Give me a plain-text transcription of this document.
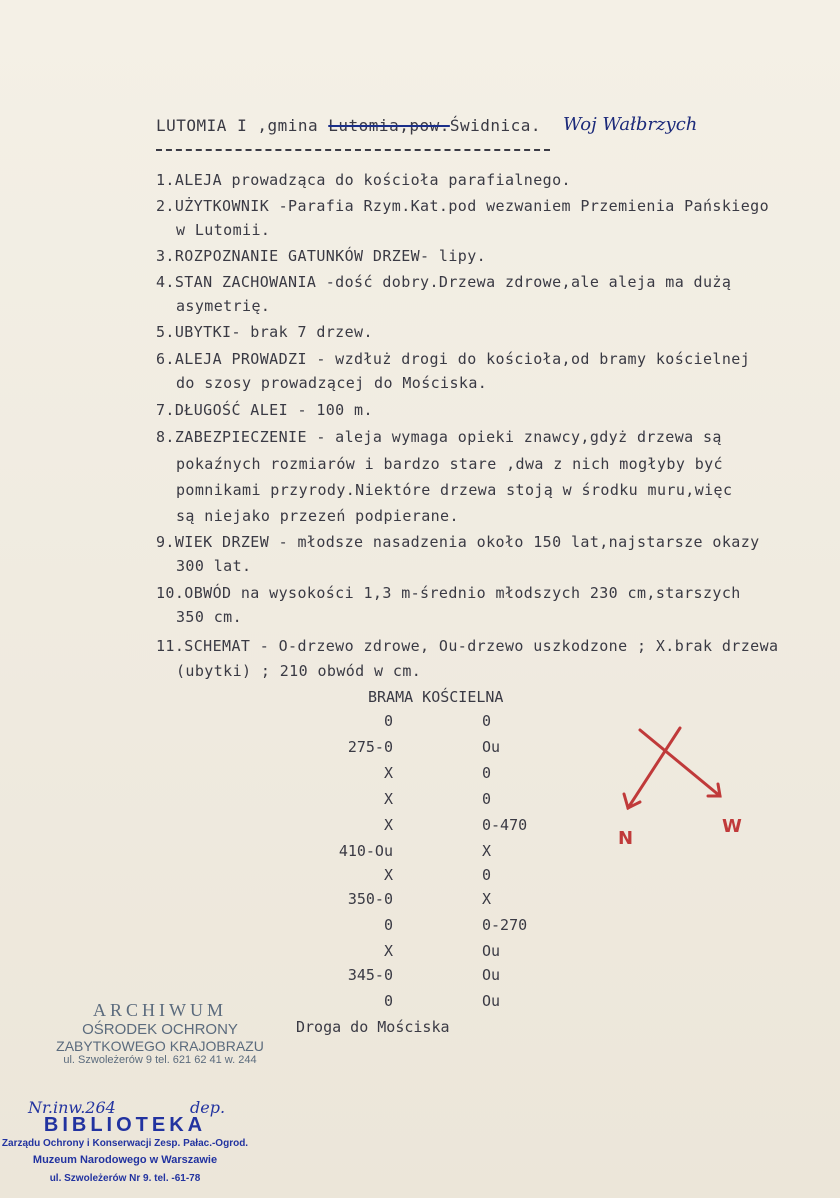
LUTOMIA I ,gmina Lutomia,pow.Świdnica. Woj Wałbrzych
1.ALEJA prowadząca do kościoła parafialnego.
2.UŻYTKOWNIK -Parafia Rzym.Kat.pod wezwaniem Przemienia Pańskiego
w Lutomii.
3.ROZPOZNANIE GATUNKÓW DRZEW- lipy.
4.STAN ZACHOWANIA -dość dobry.Drzewa zdrowe,ale aleja ma dużą
asymetrię.
5.UBYTKI- brak 7 drzew.
6.ALEJA PROWADZI - wzdłuż drogi do kościoła,od bramy kościelnej
do szosy prowadzącej do Mościska.
7.DŁUGOŚĆ ALEI - 100 m.
8.ZABEZPIECZENIE - aleja wymaga opieki znawcy,gdyż drzewa są
pokaźnych rozmiarów i bardzo stare ,dwa z nich mogłyby być
pomnikami przyrody.Niektóre drzewa stoją w środku muru,więc
są niejako przezeń podpierane.
9.WIEK DRZEW - młodsze nasadzenia około 150 lat,najstarsze okazy
300 lat.
10.OBWÓD na wysokości 1,3 m-średnio młodszych 230 cm,starszych
350 cm.
11.SCHEMAT - O-drzewo zdrowe, Ou-drzewo uszkodzone ; X.brak drzewa
(ubytki) ; 210 obwód w cm.
BRAMA KOŚCIELNA
0	0
275-0	Ou
X	0
X	0
X	0-470
410-Ou	X
X	0
350-0	X
0	0-270
X	Ou
345-0	Ou
0	Ou
Droga do Mościska
N
W
ARCHIWUM
OŚRODEK OCHRONY
ZABYTKOWEGO KRAJOBRAZU
ul. Szwoleżerów 9 tel. 621 62 41 w. 244
Nr.inw.264	dep.
BIBLIOTEKA
Zarządu Ochrony i Konserwacji Zesp. Pałac.-Ogrod.
Muzeum Narodowego w Warszawie
ul. Szwoleżerów Nr 9. tel. -61-78
